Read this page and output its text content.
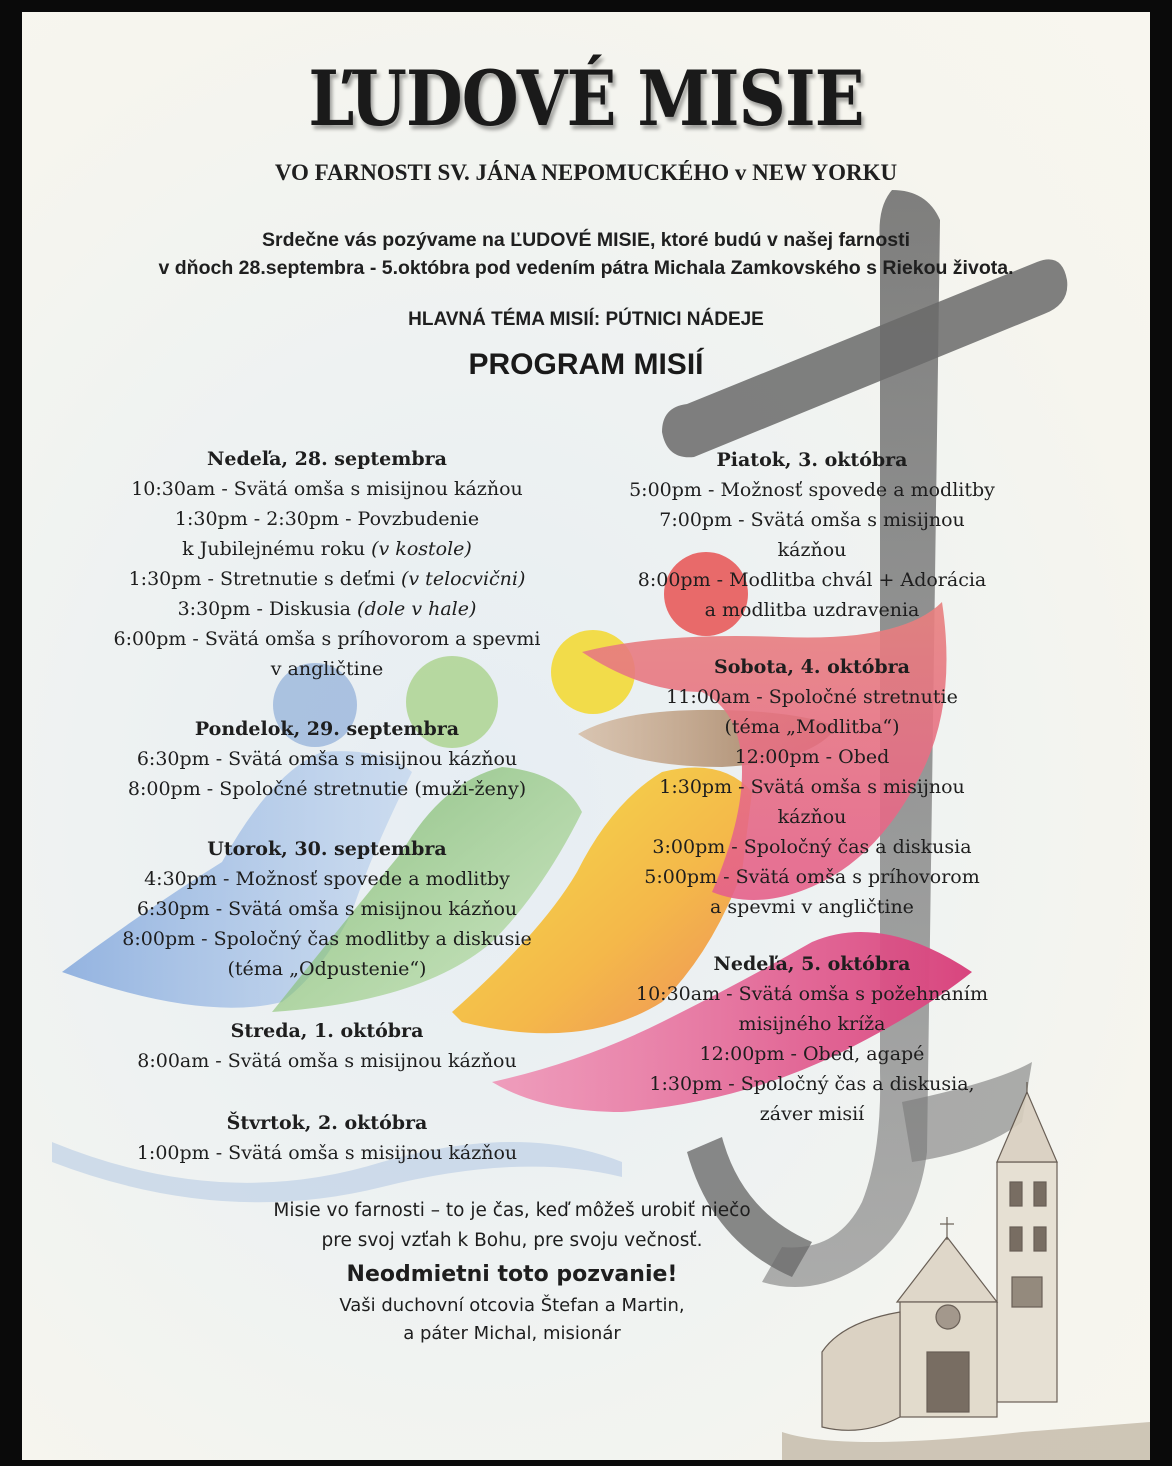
ĽUDOVÉ MISIE
VO FARNOSTI SV. JÁNA NEPOMUCKÉHO v NEW YORKU
Srdečne vás pozývame na ĽUDOVÉ MISIE, ktoré budú v našej farnosti
v dňoch 28.septembra - 5.októbra pod vedením pátra Michala Zamkovského s Riekou života.
HLAVNÁ TÉMA MISIÍ: PÚTNICI NÁDEJE
PROGRAM MISIÍ
Nedeľa, 28. septembra
10:30am - Svätá omša s misijnou kázňou
1:30pm - 2:30pm - Povzbudenie
k Jubilejnému roku (v kostole)
1:30pm - Stretnutie s deťmi (v telocvični)
3:30pm - Diskusia (dole v hale)
6:00pm - Svätá omša s príhovorom a spevmi
v angličtine
Pondelok, 29. septembra
6:30pm - Svätá omša s misijnou kázňou
8:00pm - Spoločné stretnutie (muži-ženy)
Utorok, 30. septembra
4:30pm - Možnosť spovede a modlitby
6:30pm - Svätá omša s misijnou kázňou
8:00pm - Spoločný čas modlitby a diskusie
(téma „Odpustenie“)
Streda, 1. októbra
8:00am - Svätá omša s misijnou kázňou
Štvrtok, 2. októbra
1:00pm - Svätá omša s misijnou kázňou
Piatok, 3. októbra
5:00pm - Možnosť spovede a modlitby
7:00pm - Svätá omša s misijnou
kázňou
8:00pm - Modlitba chvál + Adorácia
a modlitba uzdravenia
Sobota, 4. októbra
11:00am - Spoločné stretnutie
(téma „Modlitba“)
12:00pm - Obed
1:30pm - Svätá omša s misijnou
kázňou
3:00pm - Spoločný čas a diskusia
5:00pm - Svätá omša s príhovorom
a spevmi v angličtine
Nedeľa, 5. októbra
10:30am - Svätá omša s požehnaním
misijného kríža
12:00pm - Obed, agapé
1:30pm - Spoločný čas a diskusia,
záver misií
Misie vo farnosti – to je čas, keď môžeš urobiť niečo
pre svoj vzťah k Bohu, pre svoju večnosť.
Neodmietni toto pozvanie!
Vaši duchovní otcovia Štefan a Martin,
a páter Michal, misionár
